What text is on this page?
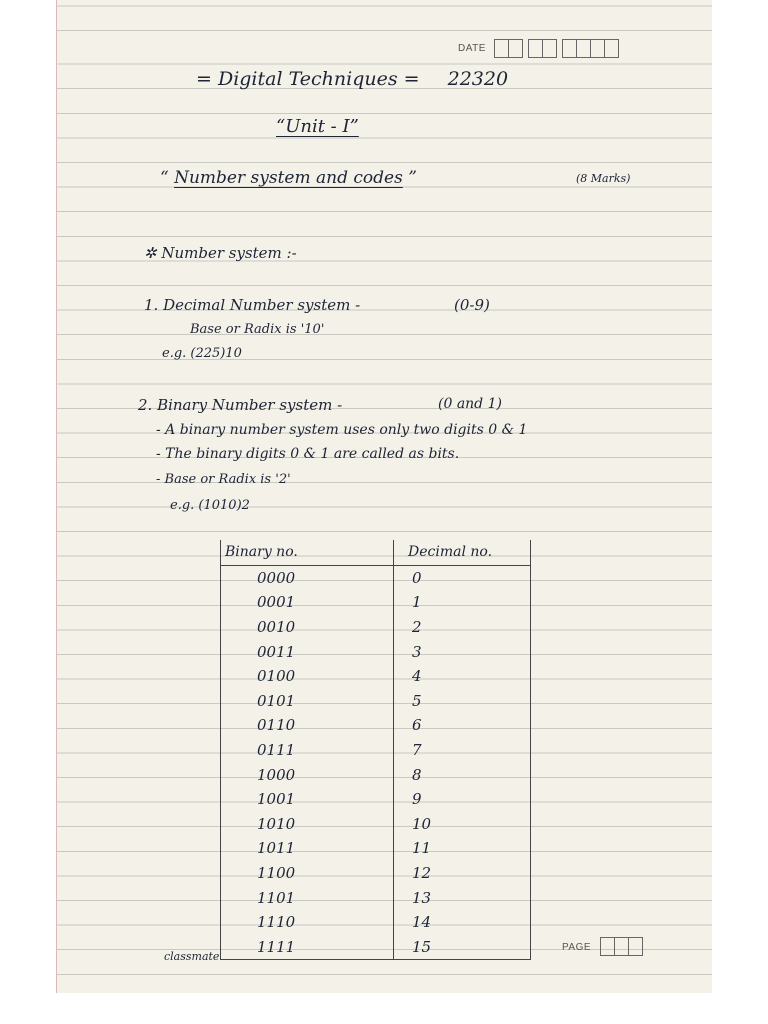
DATE
= Digital Techniques = 22320
“Unit - I”
“ Number system and codes ”	(8 Marks)
✲ Number system :-
1. Decimal Number system -	(0-9)
Base or Radix is '10'
e.g. (225)10
2. Binary Number system -	(0 and 1)
- A binary number system uses only two digits 0 & 1
- The binary digits 0 & 1 are called as bits.
- Base or Radix is '2'
e.g. (1010)2
Binary no.	Decimal no.
0000	0
0001	1
0010	2
0011	3
0100	4
0101	5
0110	6
0111	7
1000	8
1001	9
1010	10
1011	11
1100	12
1101	13
1110	14
1111	15
classmate
PAGE
